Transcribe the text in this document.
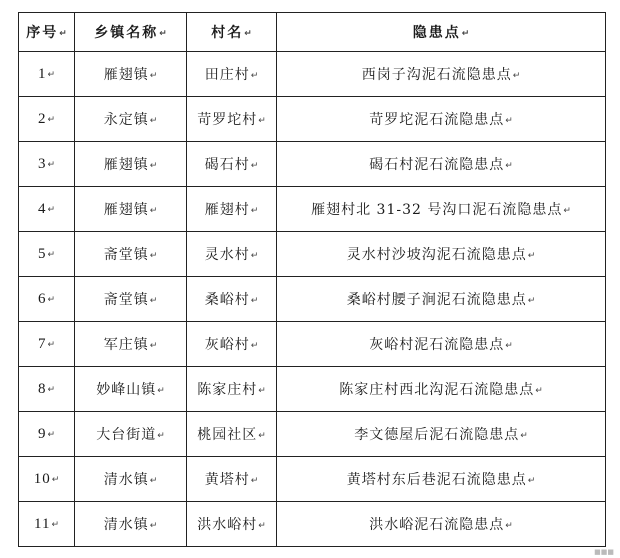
序号↵	乡镇名称↵	村名↵	隐患点↵
1↵	雁翅镇↵	田庄村↵	西岗子沟泥石流隐患点↵
2↵	永定镇↵	苛罗坨村↵	苛罗坨泥石流隐患点↵
3↵	雁翅镇↵	碣石村↵	碣石村泥石流隐患点↵
4↵	雁翅镇↵	雁翅村↵	雁翅村北 31-32 号沟口泥石流隐患点↵
5↵	斋堂镇↵	灵水村↵	灵水村沙坡沟泥石流隐患点↵
6↵	斋堂镇↵	桑峪村↵	桑峪村腰子涧泥石流隐患点↵
7↵	军庄镇↵	灰峪村↵	灰峪村泥石流隐患点↵
8↵	妙峰山镇↵	陈家庄村↵	陈家庄村西北沟泥石流隐患点↵
9↵	大台街道↵	桃园社区↵	李文德屋后泥石流隐患点↵
10↵	清水镇↵	黄塔村↵	黄塔村东后巷泥石流隐患点↵
11↵	清水镇↵	洪水峪村↵	洪水峪泥石流隐患点↵
■■■
